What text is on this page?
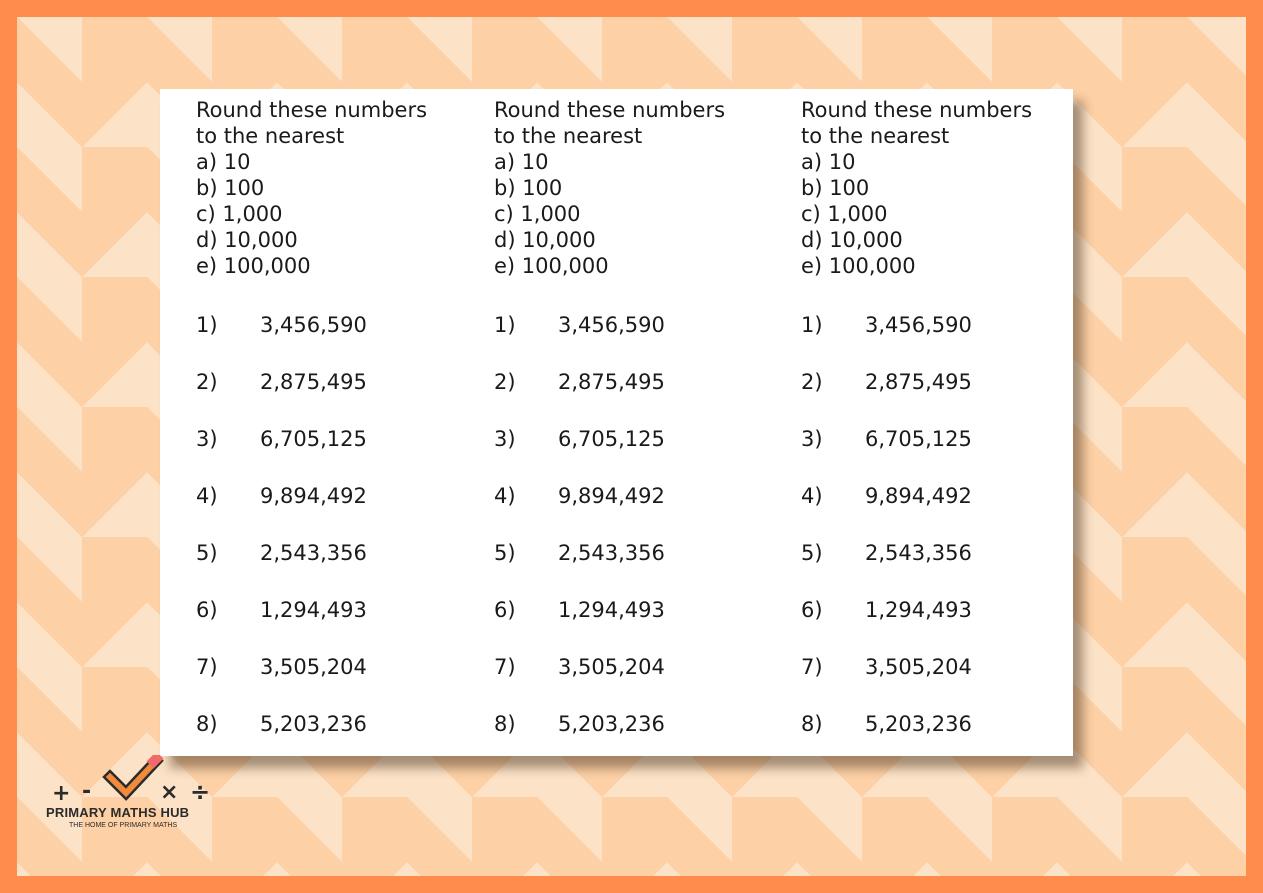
Round these numbers
to the nearest
a) 10
b) 100
c) 1,000
d) 10,000
e) 100,000
1) 3,456,590
2) 2,875,495
3) 6,705,125
4) 9,894,492
5) 2,543,356
6) 1,294,493
7) 3,505,204
8) 5,203,236
Round these numbers
to the nearest
a) 10
b) 100
c) 1,000
d) 10,000
e) 100,000
1) 3,456,590
2) 2,875,495
3) 6,705,125
4) 9,894,492
5) 2,543,356
6) 1,294,493
7) 3,505,204
8) 5,203,236
Round these numbers
to the nearest
a) 10
b) 100
c) 1,000
d) 10,000
e) 100,000
1) 3,456,590
2) 2,875,495
3) 6,705,125
4) 9,894,492
5) 2,543,356
6) 1,294,493
7) 3,505,204
8) 5,203,236
+ -	× ÷
PRIMARY MATHS HUB
THE HOME OF PRIMARY MATHS
